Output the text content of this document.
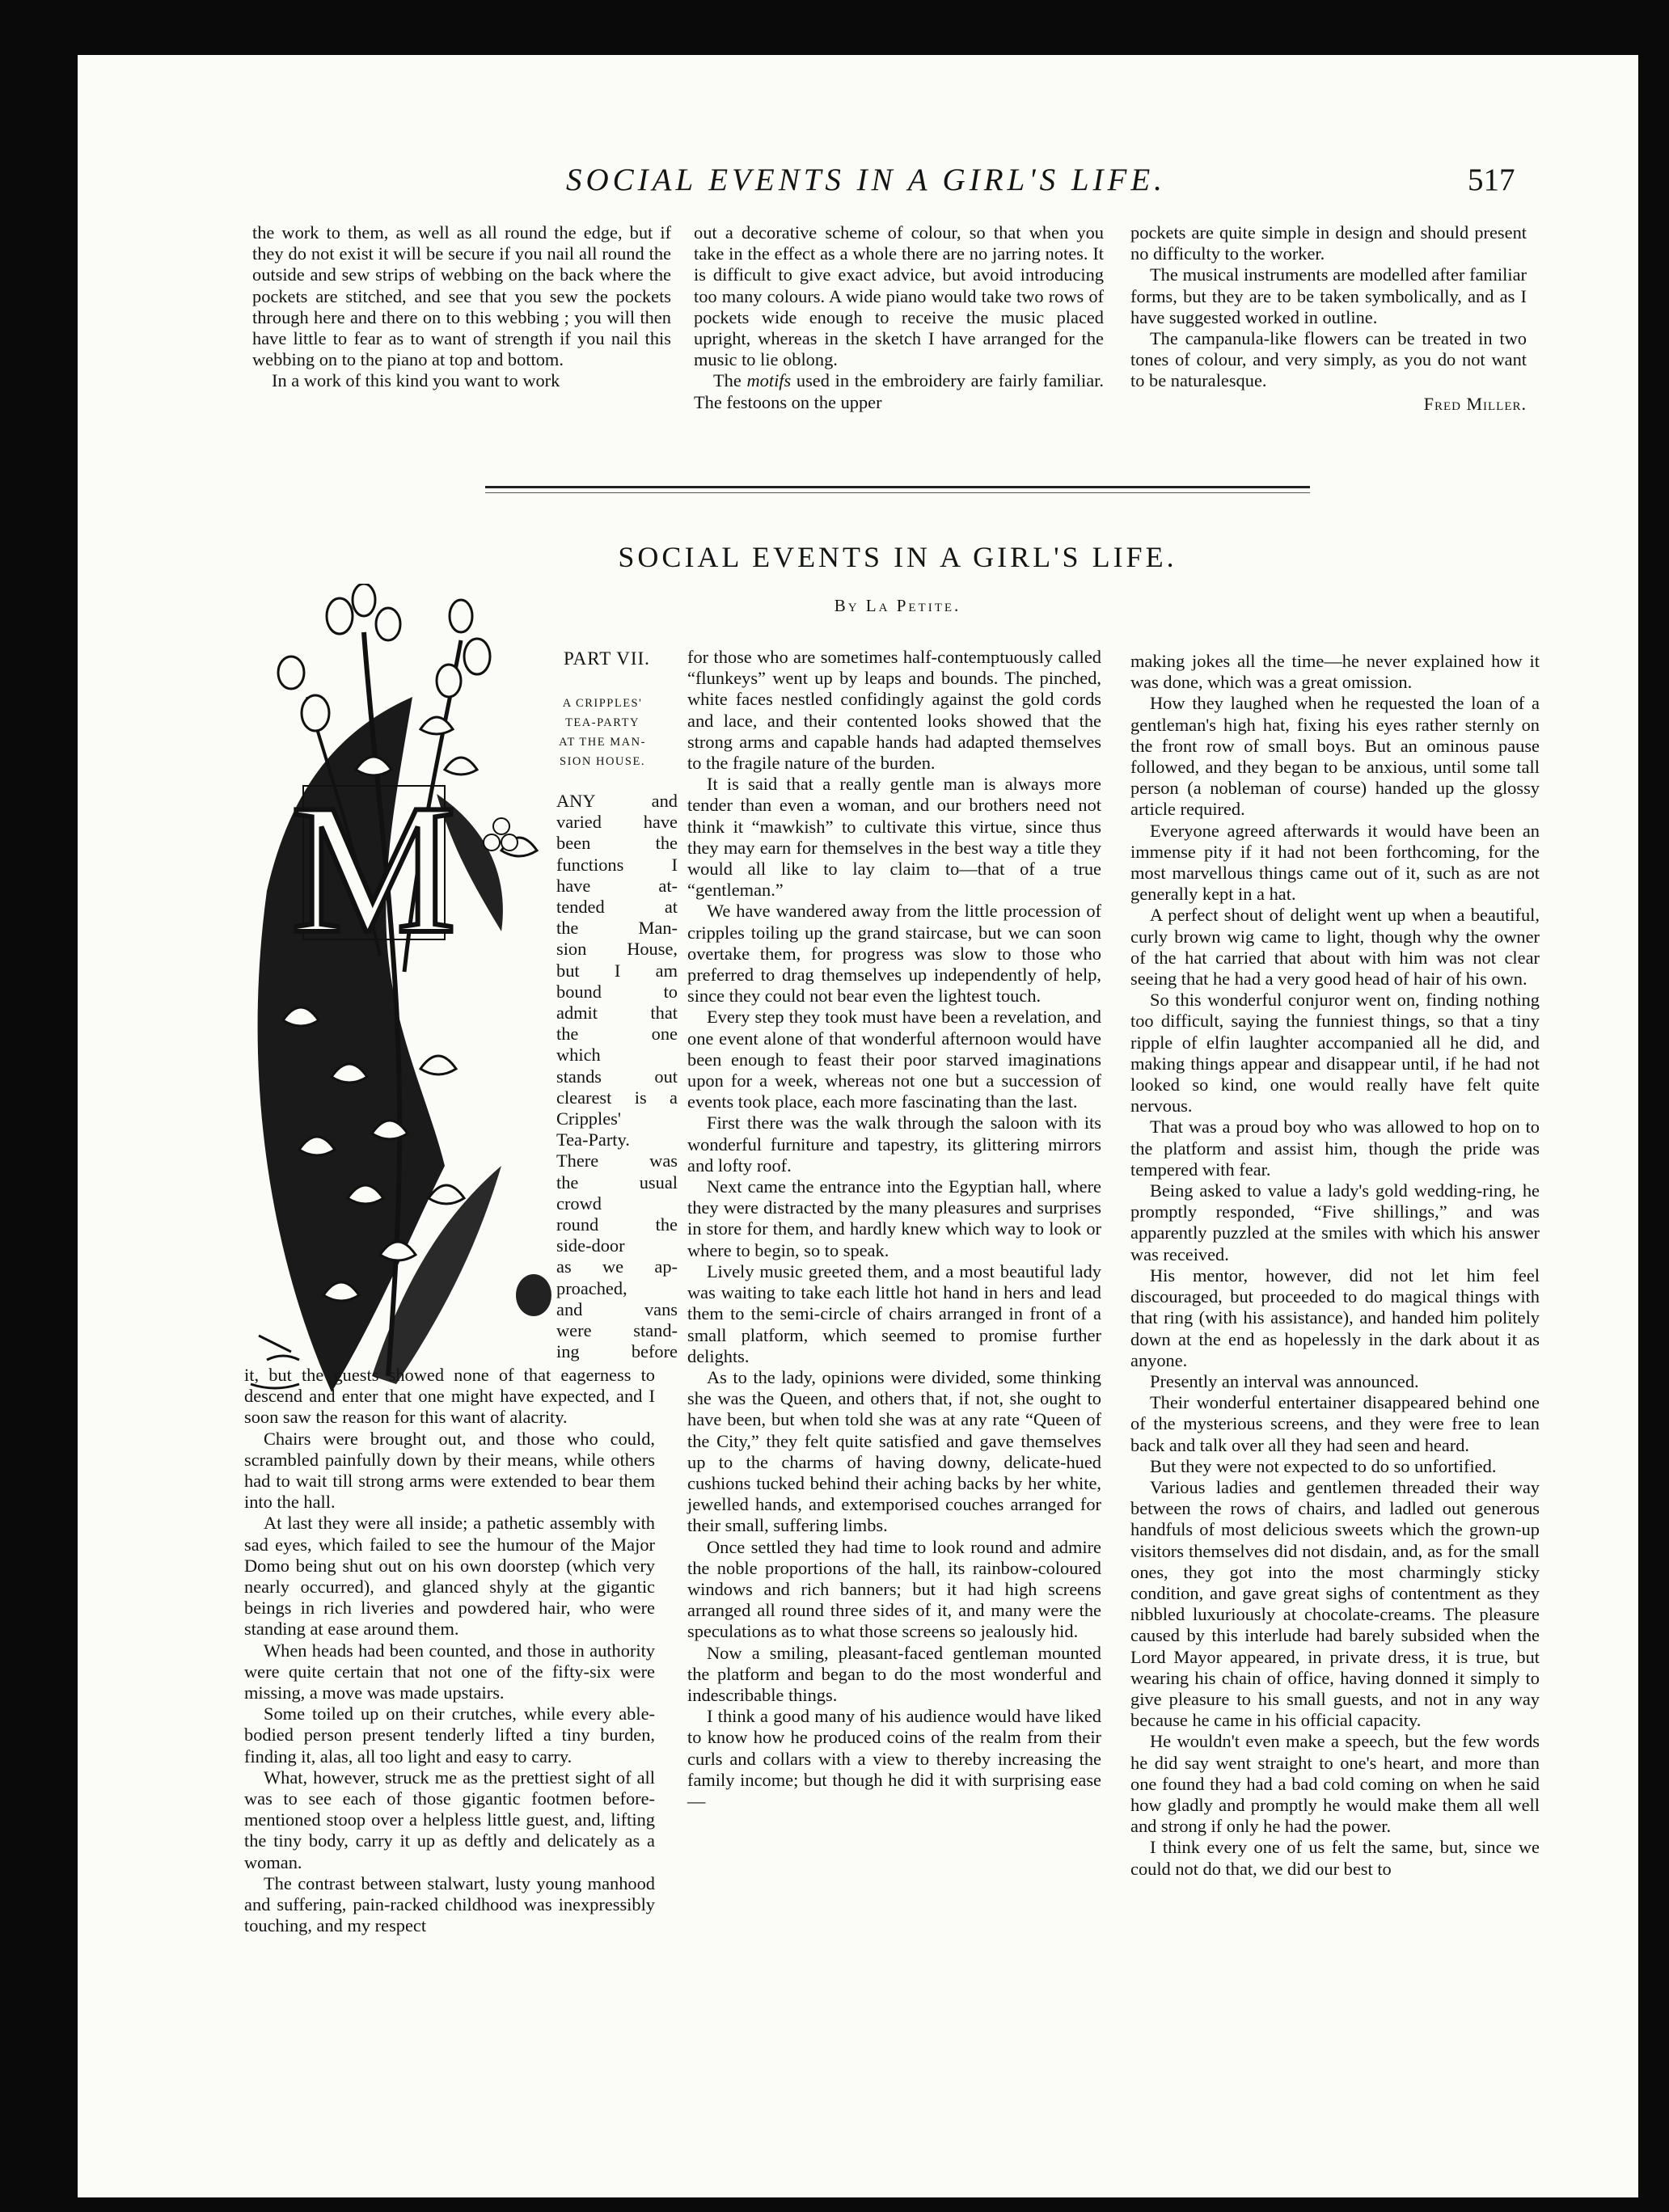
SOCIAL EVENTS IN A GIRL'S LIFE.	517

the work to them, as well as all round the edge, but if they do not exist it will be secure if you nail all round the outside and sew strips of webbing on the back where the pockets are stitched, and see that you sew the pockets through here and there on to this webbing ; you will then have little to fear as to want of strength if you nail this webbing on to the piano at top and bottom.

In a work of this kind you want to work

out a decorative scheme of colour, so that when you take in the effect as a whole there are no jarring notes. It is difficult to give exact advice, but avoid introducing too many colours. A wide piano would take two rows of pockets wide enough to receive the music placed upright, whereas in the sketch I have arranged for the music to lie oblong.

The motifs used in the embroidery are fairly familiar. The festoons on the upper

pockets are quite simple in design and should present no difficulty to the worker.

The musical instruments are modelled after familiar forms, but they are to be taken symbolically, and as I have suggested worked in outline.

The campanula-like flowers can be treated in two tones of colour, and very simply, as you do not want to be naturalesque.

Fred Miller.
SOCIAL EVENTS IN A GIRL'S LIFE.
By La Petite.
M
PART VII.
A CRIPPLES'
TEA-PARTY
AT THE MAN-
SION HOUSE.
ANY and
varied have
been the
functions I
have at-
tended at
the Man-
sion House,
but I am
bound to
admit that
the one
which
stands out
clearest is a
Cripples'
Tea-Party.
There was
the usual
crowd
round the
side-door
as we ap-
proached,
and vans
were stand-
ing before

it, but the guests showed none of that eagerness to descend and enter that one might have expected, and I soon saw the reason for this want of alacrity.

Chairs were brought out, and those who could, scrambled painfully down by their means, while others had to wait till strong arms were extended to bear them into the hall.

At last they were all inside; a pathetic assembly with sad eyes, which failed to see the humour of the Major Domo being shut out on his own doorstep (which very nearly occurred), and glanced shyly at the gigantic beings in rich liveries and powdered hair, who were standing at ease around them.

When heads had been counted, and those in authority were quite certain that not one of the fifty-six were missing, a move was made upstairs.

Some toiled up on their crutches, while every able-bodied person present tenderly lifted a tiny burden, finding it, alas, all too light and easy to carry.

What, however, struck me as the prettiest sight of all was to see each of those gigantic footmen before-mentioned stoop over a helpless little guest, and, lifting the tiny body, carry it up as deftly and delicately as a woman.

The contrast between stalwart, lusty young manhood and suffering, pain-racked childhood was inexpressibly touching, and my respect

for those who are sometimes half-contemptuously called “flunkeys” went up by leaps and bounds. The pinched, white faces nestled confidingly against the gold cords and lace, and their contented looks showed that the strong arms and capable hands had adapted themselves to the fragile nature of the burden.

It is said that a really gentle man is always more tender than even a woman, and our brothers need not think it “mawkish” to cultivate this virtue, since thus they may earn for themselves in the best way a title they would all like to lay claim to—that of a true “gentleman.”

We have wandered away from the little procession of cripples toiling up the grand staircase, but we can soon overtake them, for progress was slow to those who preferred to drag themselves up independently of help, since they could not bear even the lightest touch.

Every step they took must have been a revelation, and one event alone of that wonderful afternoon would have been enough to feast their poor starved imaginations upon for a week, whereas not one but a succession of events took place, each more fascinating than the last.

First there was the walk through the saloon with its wonderful furniture and tapestry, its glittering mirrors and lofty roof.

Next came the entrance into the Egyptian hall, where they were distracted by the many pleasures and surprises in store for them, and hardly knew which way to look or where to begin, so to speak.

Lively music greeted them, and a most beautiful lady was waiting to take each little hot hand in hers and lead them to the semi-circle of chairs arranged in front of a small platform, which seemed to promise further delights.

As to the lady, opinions were divided, some thinking she was the Queen, and others that, if not, she ought to have been, but when told she was at any rate “Queen of the City,” they felt quite satisfied and gave themselves up to the charms of having downy, delicate-hued cushions tucked behind their aching backs by her white, jewelled hands, and extemporised couches arranged for their small, suffering limbs.

Once settled they had time to look round and admire the noble proportions of the hall, its rainbow-coloured windows and rich banners; but it had high screens arranged all round three sides of it, and many were the speculations as to what those screens so jealously hid.

Now a smiling, pleasant-faced gentleman mounted the platform and began to do the most wonderful and indescribable things.

I think a good many of his audience would have liked to know how he produced coins of the realm from their curls and collars with a view to thereby increasing the family income; but though he did it with surprising ease—

making jokes all the time—he never explained how it was done, which was a great omission.

How they laughed when he requested the loan of a gentleman's high hat, fixing his eyes rather sternly on the front row of small boys. But an ominous pause followed, and they began to be anxious, until some tall person (a nobleman of course) handed up the glossy article required.

Everyone agreed afterwards it would have been an immense pity if it had not been forthcoming, for the most marvellous things came out of it, such as are not generally kept in a hat.

A perfect shout of delight went up when a beautiful, curly brown wig came to light, though why the owner of the hat carried that about with him was not clear seeing that he had a very good head of hair of his own.

So this wonderful conjuror went on, finding nothing too difficult, saying the funniest things, so that a tiny ripple of elfin laughter accompanied all he did, and making things appear and disappear until, if he had not looked so kind, one would really have felt quite nervous.

That was a proud boy who was allowed to hop on to the platform and assist him, though the pride was tempered with fear.

Being asked to value a lady's gold wedding-ring, he promptly responded, “Five shillings,” and was apparently puzzled at the smiles with which his answer was received.

His mentor, however, did not let him feel discouraged, but proceeded to do magical things with that ring (with his assistance), and handed him politely down at the end as hopelessly in the dark about it as anyone.

Presently an interval was announced.

Their wonderful entertainer disappeared behind one of the mysterious screens, and they were free to lean back and talk over all they had seen and heard.

But they were not expected to do so unfortified.

Various ladies and gentlemen threaded their way between the rows of chairs, and ladled out generous handfuls of most delicious sweets which the grown-up visitors themselves did not disdain, and, as for the small ones, they got into the most charmingly sticky condition, and gave great sighs of contentment as they nibbled luxuriously at chocolate-creams. The pleasure caused by this interlude had barely subsided when the Lord Mayor appeared, in private dress, it is true, but wearing his chain of office, having donned it simply to give pleasure to his small guests, and not in any way because he came in his official capacity.

He wouldn't even make a speech, but the few words he did say went straight to one's heart, and more than one found they had a bad cold coming on when he said how gladly and promptly he would make them all well and strong if only he had the power.

I think every one of us felt the same, but, since we could not do that, we did our best to
